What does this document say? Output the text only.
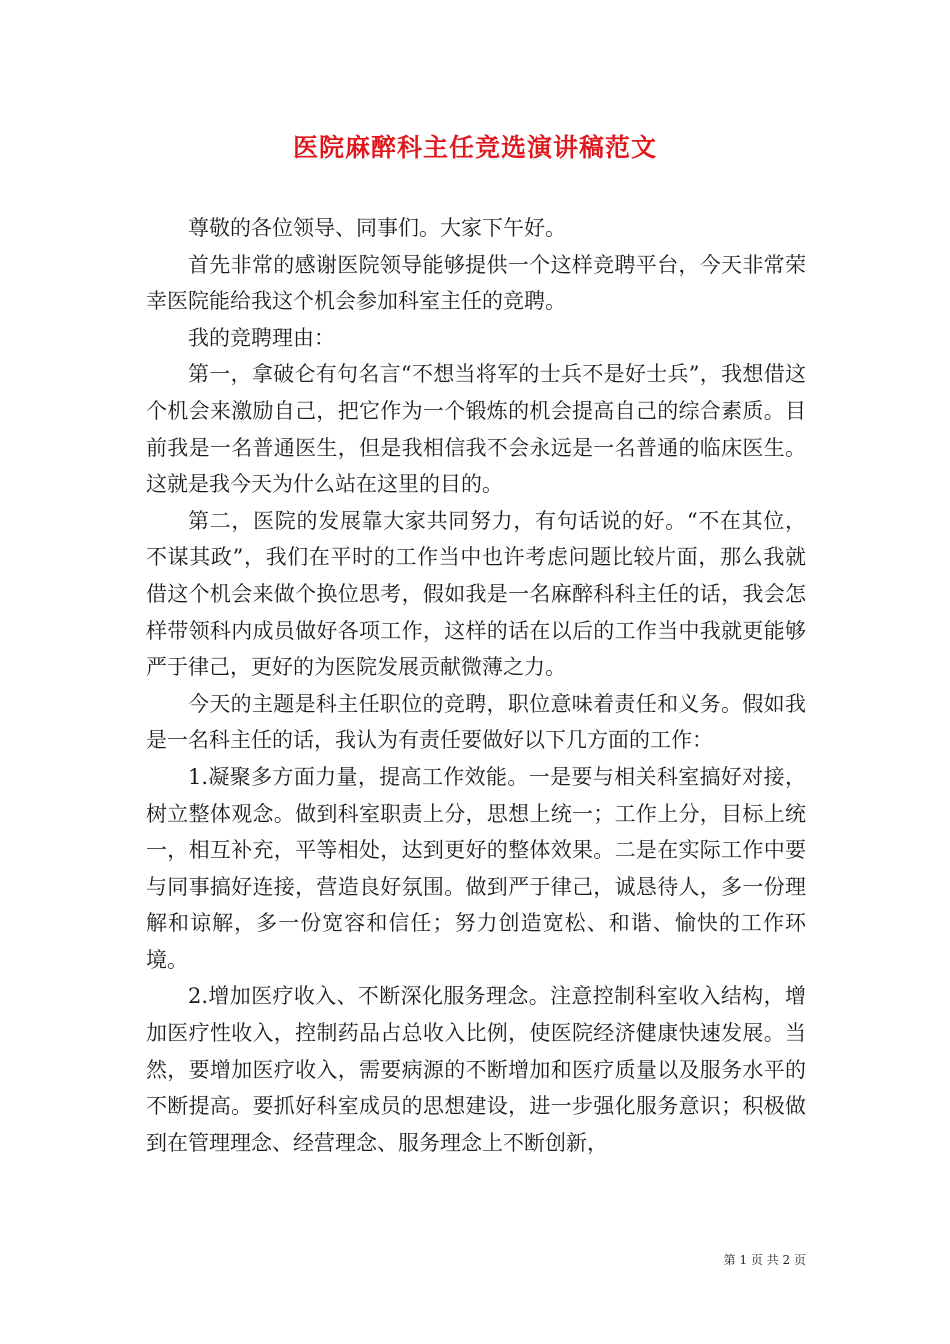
医院麻醉科主任竞选演讲稿范文

尊敬的各位领导、同事们。大家下午好。

首先非常的感谢医院领导能够提供一个这样竞聘平台，今天非常荣幸医院能给我这个机会参加科室主任的竞聘。

我的竞聘理由：

第一，拿破仑有句名言“不想当将军的士兵不是好士兵”，我想借这个机会来激励自己，把它作为一个锻炼的机会提高自己的综合素质。目前我是一名普通医生，但是我相信我不会永远是一名普通的临床医生。这就是我今天为什么站在这里的目的。

第二，医院的发展靠大家共同努力，有句话说的好。“不在其位，不谋其政”，我们在平时的工作当中也许考虑问题比较片面，那么我就借这个机会来做个换位思考，假如我是一名麻醉科科主任的话，我会怎样带领科内成员做好各项工作，这样的话在以后的工作当中我就更能够严于律己，更好的为医院发展贡献微薄之力。

今天的主题是科主任职位的竞聘，职位意味着责任和义务。假如我是一名科主任的话，我认为有责任要做好以下几方面的工作：

1.凝聚多方面力量，提高工作效能。一是要与相关科室搞好对接，树立整体观念。做到科室职责上分，思想上统一；工作上分，目标上统一，相互补充，平等相处，达到更好的整体效果。二是在实际工作中要与同事搞好连接，营造良好氛围。做到严于律己，诚恳待人，多一份理解和谅解，多一份宽容和信任；努力创造宽松、和谐、愉快的工作环境。

2.增加医疗收入、不断深化服务理念。注意控制科室收入结构，增加医疗性收入，控制药品占总收入比例，使医院经济健康快速发展。当然，要增加医疗收入，需要病源的不断增加和医疗质量以及服务水平的不断提高。要抓好科室成员的思想建设，进一步强化服务意识；积极做到在管理理念、经营理念、服务理念上不断创新，

第 1 页 共 2 页
